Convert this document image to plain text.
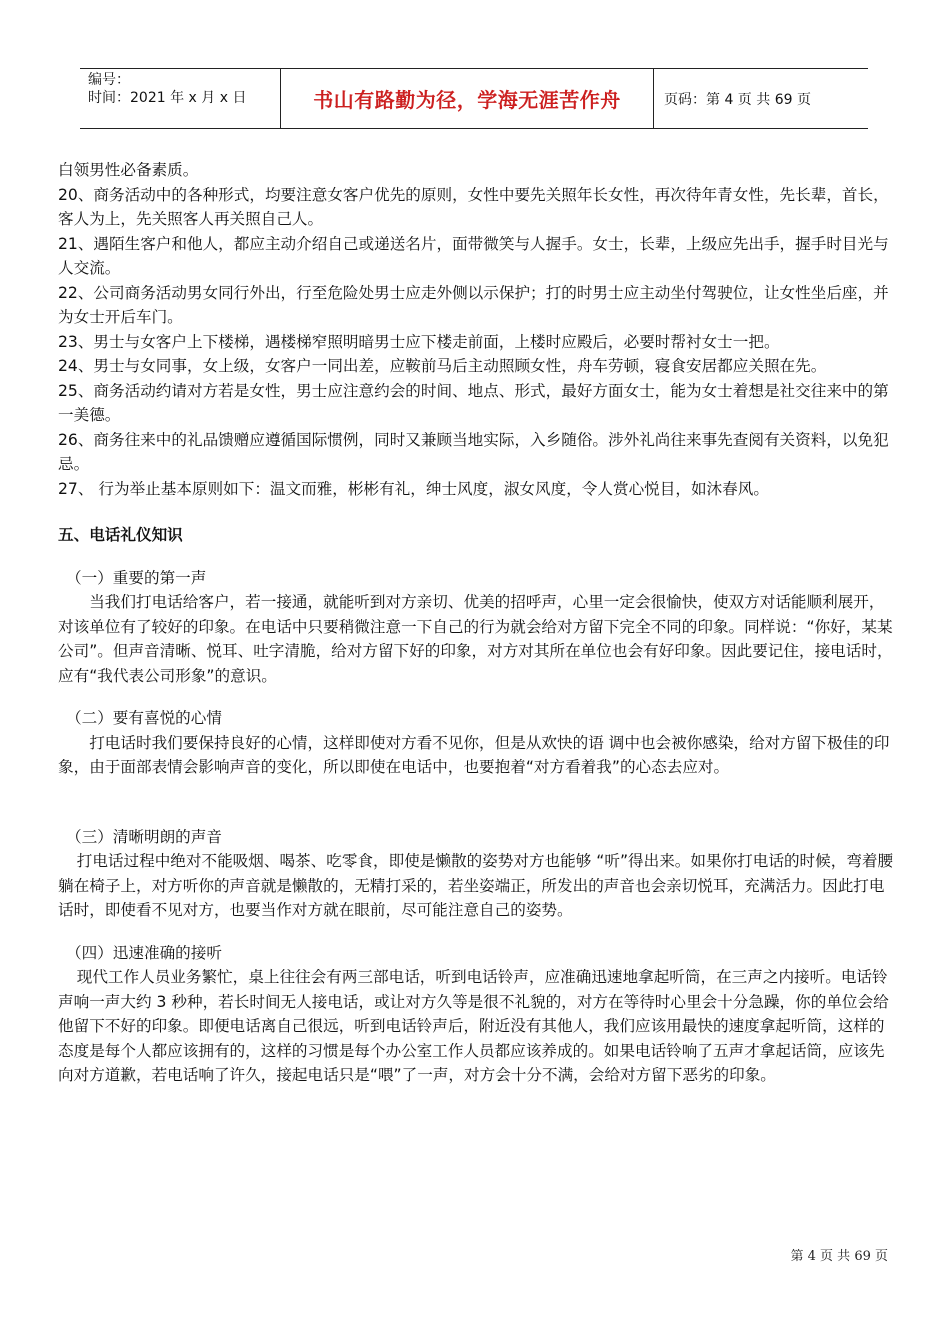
编号：
时间：2021 年 x 月 x 日	书山有路勤为径，学海无涯苦作舟	页码：第 4 页 共 69 页

白领男性必备素质。

20、商务活动中的各种形式，均要注意女客户优先的原则，女性中要先关照年长女性，再次待年青女性，先长辈，首长，客人为上，先关照客人再关照自己人。

21、遇陌生客户和他人，都应主动介绍自己或递送名片，面带微笑与人握手。女士，长辈，上级应先出手，握手时目光与人交流。

22、公司商务活动男女同行外出，行至危险处男士应走外侧以示保护；打的时男士应主动坐付驾驶位，让女性坐后座，并为女士开后车门。

23、男士与女客户上下楼梯，遇楼梯窄照明暗男士应下楼走前面，上楼时应殿后，必要时帮衬女士一把。

24、男士与女同事，女上级，女客户一同出差，应鞍前马后主动照顾女性，舟车劳顿，寝食安居都应关照在先。

25、商务活动约请对方若是女性，男士应注意约会的时间、地点、形式，最好方面女士，能为女士着想是社交往来中的第一美德。

26、商务往来中的礼品馈赠应遵循国际惯例，同时又兼顾当地实际，入乡随俗。涉外礼尚往来事先查阅有关资料，以免犯忌。

27、 行为举止基本原则如下：温文而雅，彬彬有礼，绅士风度，淑女风度，令人赏心悦目，如沐春风。

五、电话礼仪知识

（一）重要的第一声

当我们打电话给客户，若一接通，就能听到对方亲切、优美的招呼声，心里一定会很愉快，使双方对话能顺利展开，对该单位有了较好的印象。在电话中只要稍微注意一下自己的行为就会给对方留下完全不同的印象。同样说：“你好，某某公司”。但声音清晰、悦耳、吐字清脆，给对方留下好的印象，对方对其所在单位也会有好印象。因此要记住，接电话时，应有“我代表公司形象”的意识。

（二）要有喜悦的心情

打电话时我们要保持良好的心情，这样即使对方看不见你，但是从欢快的语 调中也会被你感染，给对方留下极佳的印象，由于面部表情会影响声音的变化，所以即使在电话中，也要抱着“对方看着我”的心态去应对。

（三）清晰明朗的声音

打电话过程中绝对不能吸烟、喝茶、吃零食，即使是懒散的姿势对方也能够 “听”得出来。如果你打电话的时候，弯着腰躺在椅子上，对方听你的声音就是懒散的，无精打采的，若坐姿端正，所发出的声音也会亲切悦耳，充满活力。因此打电话时，即使看不见对方，也要当作对方就在眼前，尽可能注意自己的姿势。

（四）迅速准确的接听

现代工作人员业务繁忙，桌上往往会有两三部电话，听到电话铃声，应准确迅速地拿起听筒，在三声之内接听。电话铃声响一声大约 3 秒种，若长时间无人接电话，或让对方久等是很不礼貌的，对方在等待时心里会十分急躁，你的单位会给他留下不好的印象。即便电话离自己很远，听到电话铃声后，附近没有其他人，我们应该用最快的速度拿起听筒，这样的态度是每个人都应该拥有的，这样的习惯是每个办公室工作人员都应该养成的。如果电话铃响了五声才拿起话筒，应该先向对方道歉，若电话响了许久，接起电话只是“喂”了一声，对方会十分不满，会给对方留下恶劣的印象。

第 4 页 共 69 页
